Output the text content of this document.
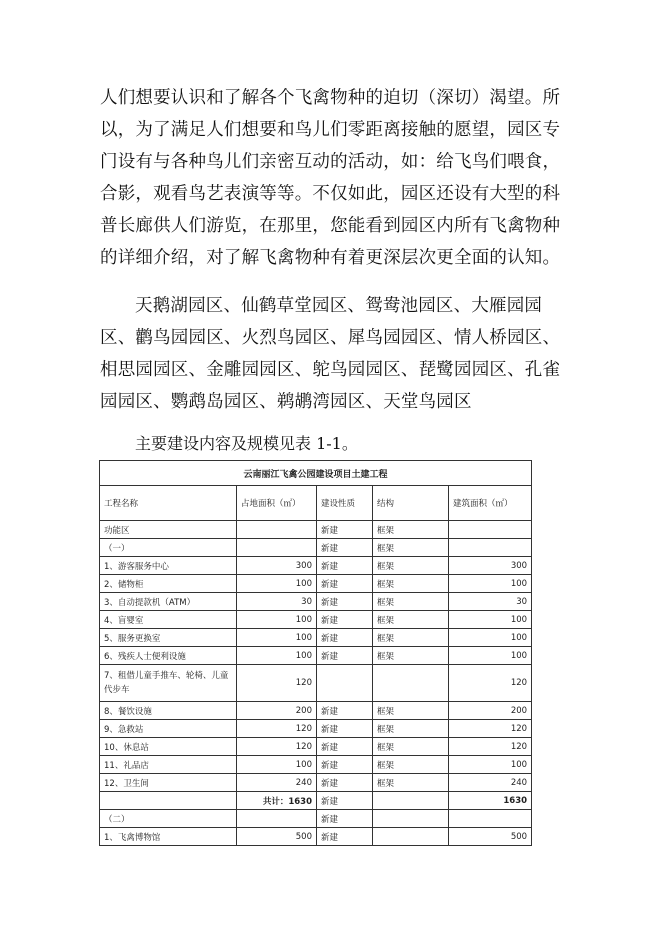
人们想要认识和了解各个飞禽物种的迫切（深切）渴望。所以，为了满足人们想要和鸟儿们零距离接触的愿望，园区专门设有与各种鸟儿们亲密互动的活动，如：给飞鸟们喂食，合影，观看鸟艺表演等等。不仅如此，园区还设有大型的科普长廊供人们游览，在那里，您能看到园区内所有飞禽物种的详细介绍，对了解飞禽物种有着更深层次更全面的认知。

天鹅湖园区、仙鹤草堂园区、鸳鸯池园区、大雁园园区、鹳鸟园园区、火烈鸟园区、犀鸟园园区、情人桥园区、相思园园区、金雕园园区、鸵鸟园园区、琵鹭园园区、孔雀园园区、鹦鹉岛园区、鹈鹕湾园区、天堂鸟园区

主要建设内容及规模见表 1-1。

云南丽江飞禽公园建设项目土建工程				
工程名称	占地面积（㎡）	建设性质	结构	建筑面积（㎡）
功能区		新建	框架	
（一）		新建	框架	
1、游客服务中心	300	新建	框架	300
2、储物柜	100	新建	框架	100
3、自动提款机（ATM）	30	新建	框架	30
4、盲婴室	100	新建	框架	100
5、服务更换室	100	新建	框架	100
6、残疾人士便利设施	100	新建	框架	100
7、租借儿童手推车、轮椅、儿童代步车	120			120
8、餐饮设施	200	新建	框架	200
9、急救站	120	新建	框架	120
10、休息站	120	新建	框架	120
11、礼品店	100	新建	框架	100
12、卫生间	240	新建	框架	240
	共计：1630	新建		1630
（二）		新建		
1、飞禽博物馆	500	新建		500
